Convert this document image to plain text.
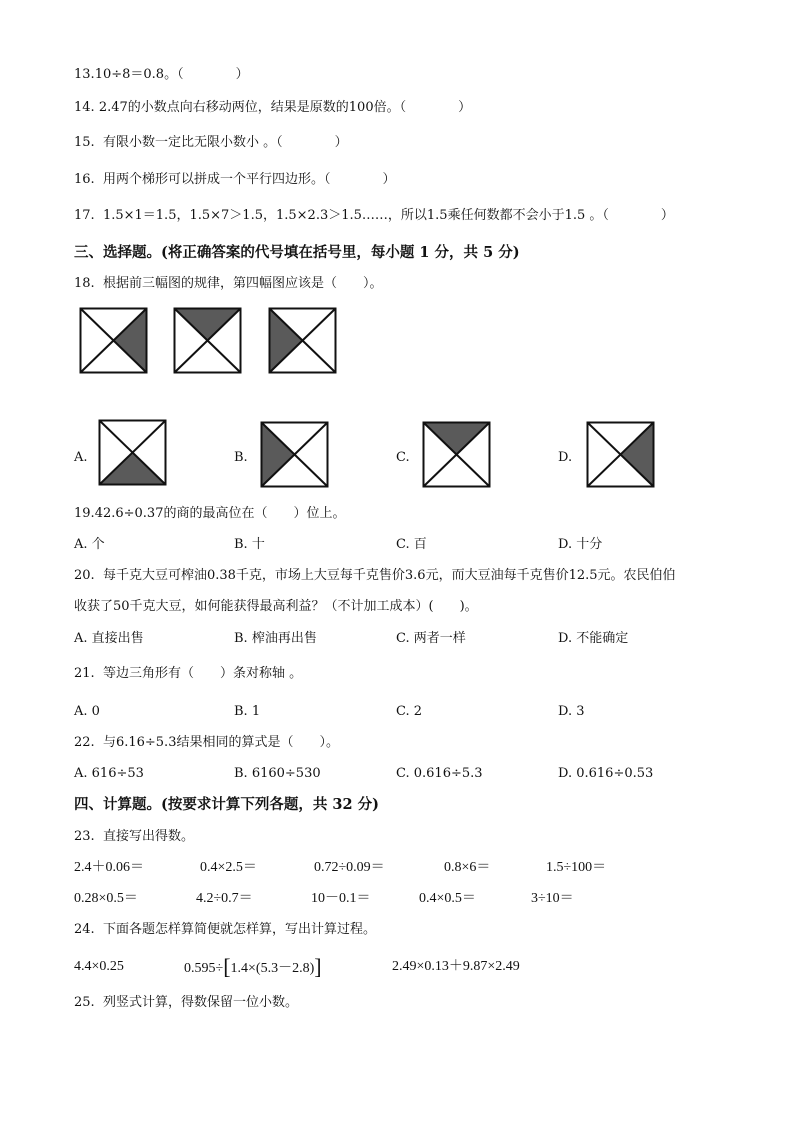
13.10÷8＝0.8。（　　　　）
14. 2.47的小数点向右移动两位，结果是原数的100倍。（　　　　）
15. 有限小数一定比无限小数小 。（　　　　）
16. 用两个梯形可以拼成一个平行四边形。（　　　　）
17. 1.5×1＝1.5，1.5×7＞1.5，1.5×2.3＞1.5……，所以1.5乘任何数都不会小于1.5 。（　　　　）
三、选择题。(将正确答案的代号填在括号里，每小题 1 分，共 5 分)
18. 根据前三幅图的规律，第四幅图应该是（　　）。
A.	B.	C.	D.
19.42.6÷0.37的商的最高位在（　　）位上。
A. 个	B. 十	C. 百	D. 十分
20. 每千克大豆可榨油0.38千克，市场上大豆每千克售价3.6元，而大豆油每千克售价12.5元。农民伯伯
收获了50千克大豆，如何能获得最高利益？（不计加工成本）(　　)。
A. 直接出售	B. 榨油再出售	C. 两者一样	D. 不能确定
21. 等边三角形有（　　）条对称轴 。
A. 0	B. 1	C. 2	D. 3
22. 与6.16÷5.3结果相同的算式是（　　）。
A. 616÷53	B. 6160÷530	C. 0.616÷5.3	D. 0.616÷0.53
四、计算题。(按要求计算下列各题，共 32 分)
23. 直接写出得数。
2.4＋0.06＝	0.4×2.5＝	0.72÷0.09＝	0.8×6＝	1.5÷100＝
0.28×0.5＝	4.2÷0.7＝	10－0.1＝	0.4×0.5＝	3÷10＝
24. 下面各题怎样算简便就怎样算，写出计算过程。
4.4×0.25	0.595÷[1.4×(5.3－2.8)]	2.49×0.13＋9.87×2.49
25. 列竖式计算，得数保留一位小数。
